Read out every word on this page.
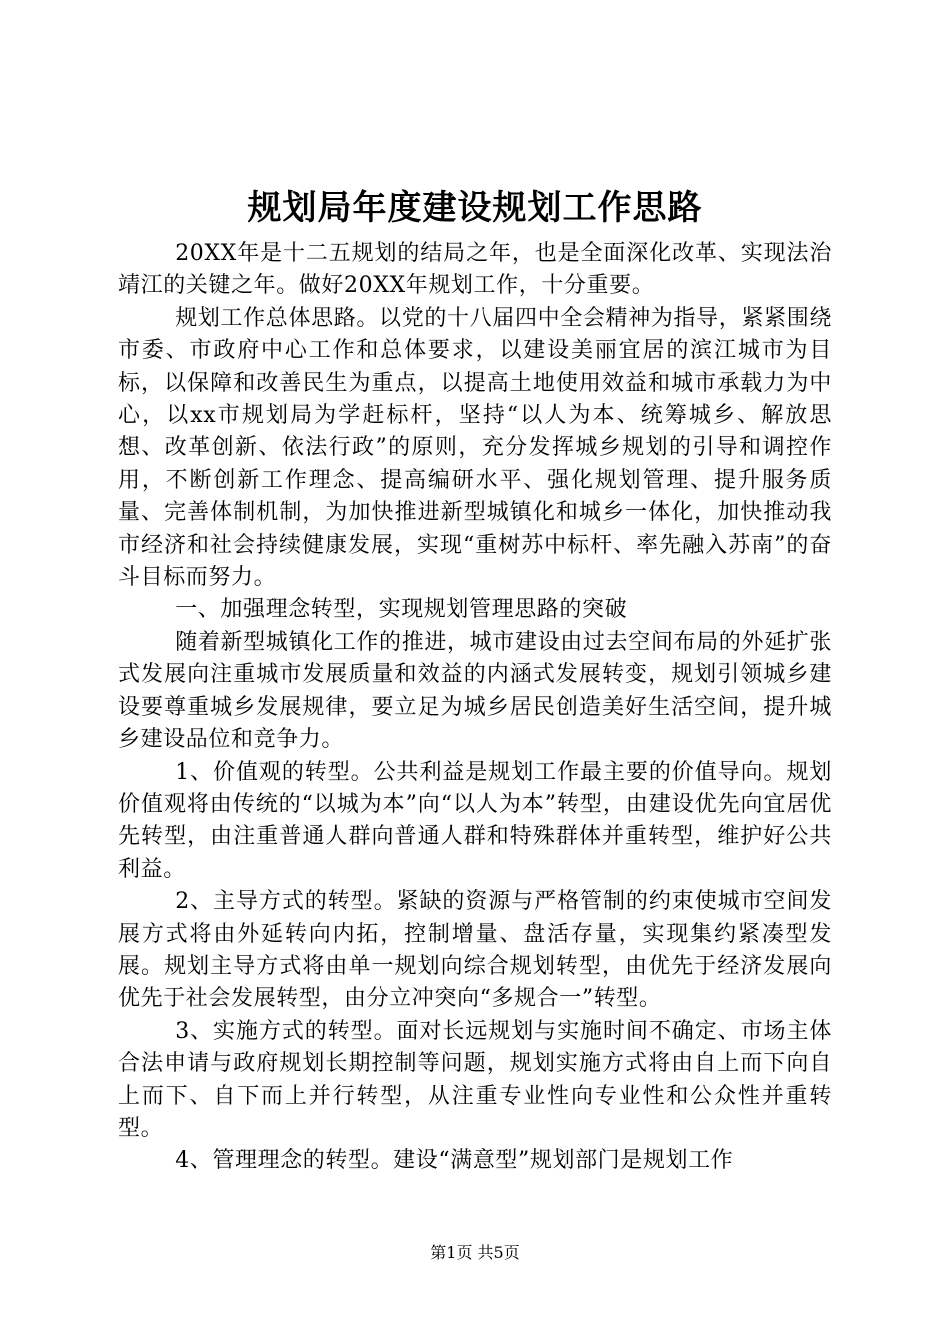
规划局年度建设规划工作思路

20XX年是十二五规划的结局之年，也是全面深化改革、实现法治靖江的关键之年。做好20XX年规划工作，十分重要。

规划工作总体思路。以党的十八届四中全会精神为指导，紧紧围绕市委、市政府中心工作和总体要求，以建设美丽宜居的滨江城市为目标，以保障和改善民生为重点，以提高土地使用效益和城市承载力为中心，以xx市规划局为学赶标杆，坚持“以人为本、统筹城乡、解放思想、改革创新、依法行政”的原则，充分发挥城乡规划的引导和调控作用，不断创新工作理念、提高编研水平、强化规划管理、提升服务质量、完善体制机制，为加快推进新型城镇化和城乡一体化，加快推动我市经济和社会持续健康发展，实现“重树苏中标杆、率先融入苏南”的奋斗目标而努力。

一、加强理念转型，实现规划管理思路的突破

随着新型城镇化工作的推进，城市建设由过去空间布局的外延扩张式发展向注重城市发展质量和效益的内涵式发展转变，规划引领城乡建设要尊重城乡发展规律，要立足为城乡居民创造美好生活空间，提升城乡建设品位和竞争力。

1、价值观的转型。公共利益是规划工作最主要的价值导向。规划价值观将由传统的“以城为本”向“以人为本”转型，由建设优先向宜居优先转型，由注重普通人群向普通人群和特殊群体并重转型，维护好公共利益。

2、主导方式的转型。紧缺的资源与严格管制的约束使城市空间发展方式将由外延转向内拓，控制增量、盘活存量，实现集约紧凑型发展。规划主导方式将由单一规划向综合规划转型，由优先于经济发展向优先于社会发展转型，由分立冲突向“多规合一”转型。

3、实施方式的转型。面对长远规划与实施时间不确定、市场主体合法申请与政府规划长期控制等问题，规划实施方式将由自上而下向自上而下、自下而上并行转型，从注重专业性向专业性和公众性并重转型。

4、管理理念的转型。建设“满意型”规划部门是规划工作

第1页 共5页
